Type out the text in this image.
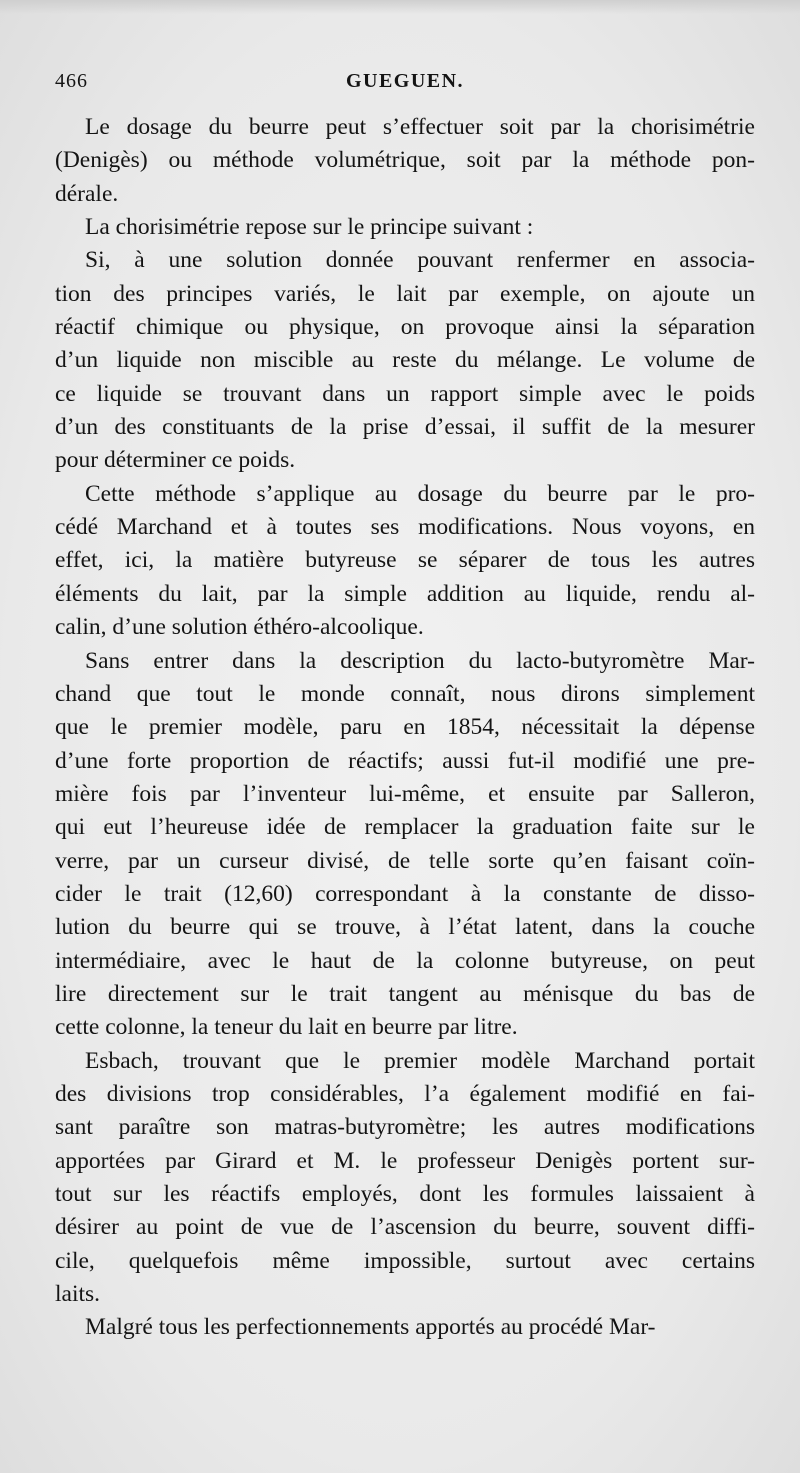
466	GUEGUEN.
Le dosage du beurre peut s’effectuer soit par la chorisimétrie
(Denigès) ou méthode volumétrique, soit par la méthode pon-
dérale.
La chorisimétrie repose sur le principe suivant :
Si, à une solution donnée pouvant renfermer en associa-
tion des principes variés, le lait par exemple, on ajoute un
réactif chimique ou physique, on provoque ainsi la séparation
d’un liquide non miscible au reste du mélange. Le volume de
ce liquide se trouvant dans un rapport simple avec le poids
d’un des constituants de la prise d’essai, il suffit de la mesurer
pour déterminer ce poids.
Cette méthode s’applique au dosage du beurre par le pro-
cédé Marchand et à toutes ses modifications. Nous voyons, en
effet, ici, la matière butyreuse se séparer de tous les autres
éléments du lait, par la simple addition au liquide, rendu al-
calin, d’une solution éthéro-alcoolique.
Sans entrer dans la description du lacto-butyromètre Mar-
chand que tout le monde connaît, nous dirons simplement
que le premier modèle, paru en 1854, nécessitait la dépense
d’une forte proportion de réactifs; aussi fut-il modifié une pre-
mière fois par l’inventeur lui-même, et ensuite par Salleron,
qui eut l’heureuse idée de remplacer la graduation faite sur le
verre, par un curseur divisé, de telle sorte qu’en faisant coïn-
cider le trait (12,60) correspondant à la constante de disso-
lution du beurre qui se trouve, à l’état latent, dans la couche
intermédiaire, avec le haut de la colonne butyreuse, on peut
lire directement sur le trait tangent au ménisque du bas de
cette colonne, la teneur du lait en beurre par litre.
Esbach, trouvant que le premier modèle Marchand portait
des divisions trop considérables, l’a également modifié en fai-
sant paraître son matras-butyromètre; les autres modifications
apportées par Girard et M. le professeur Denigès portent sur-
tout sur les réactifs employés, dont les formules laissaient à
désirer au point de vue de l’ascension du beurre, souvent diffi-
cile, quelquefois même impossible, surtout avec certains
laits.
Malgré tous les perfectionnements apportés au procédé Mar-
